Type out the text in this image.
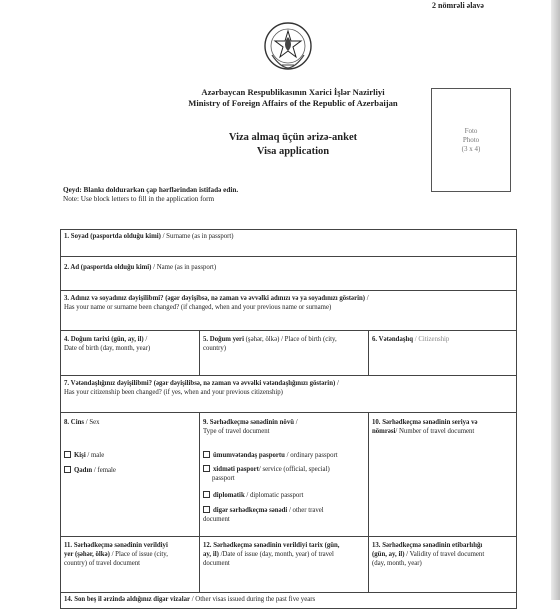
2 nömrəli əlavə
Azərbaycan Respublikasının Xarici İşlər Nazirliyi
Ministry of Foreign Affairs of the Republic of Azerbaijan
Viza almaq üçün ərizə-anket
Visa application
Foto
Photo
(3 x 4)
Qeyd: Blankı doldurarkən çap hərflərindən istifadə edin.
Note: Use block letters to fill in the application form
1. Soyad (pasportda olduğu kimi) / Surname (as in passport)
2. Ad (pasportda olduğu kimi) / Name (as in passport)
3. Adınız və soyadınız dəyişilibmi? (əgər dəyişibsə, nə zaman və əvvəlki adınızı və ya soyadınızı göstərin) /
Has your name or surname been changed? (if changed, when and your previous name or surname)
4. Doğum tarixi (gün, ay, il) /
Date of birth (day, month, year)
5. Doğum yeri (şəhər, ölkə) / Place of birth (city,
country)
6. Vətəndaşlıq / Citizenship
7. Vətəndaşlığınız dəyişilibmi? (əgər dəyişilibsə, nə zaman və əvvəlki vətəndaşlığınızı göstərin) /
Has your citizenship been changed? (if yes, when and your previous citizenship)
8. Cins / Sex
Kişi / male
Qadın / female
9. Sərhədkeçmə sənədinin növü /
Type of travel document
ümumvətəndaş pasportu / ordinary passport
xidməti pasport/ service (official, special)
passport
diplomatik / diplomatic passport
digər sərhədkeçmə sənədi / other travel
document
10. Sərhədkeçmə sənədinin seriya və
nömrəsi/ Number of travel document
11. Sərhədkeçmə sənədinin verildiyi
yer (şəhər, ölkə) / Place of issue (city,
country) of travel document
12. Sərhədkeçmə sənədinin verildiyi tarix (gün,
ay, il) /Date of issue (day, month, year) of travel
document
13. Sərhədkeçmə sənədinin etibarlılığı
(gün, ay, il) / Validity of travel document
(day, month, year)
14. Son beş il ərzində aldığınız digər vizalar / Other visas issued during the past five years
